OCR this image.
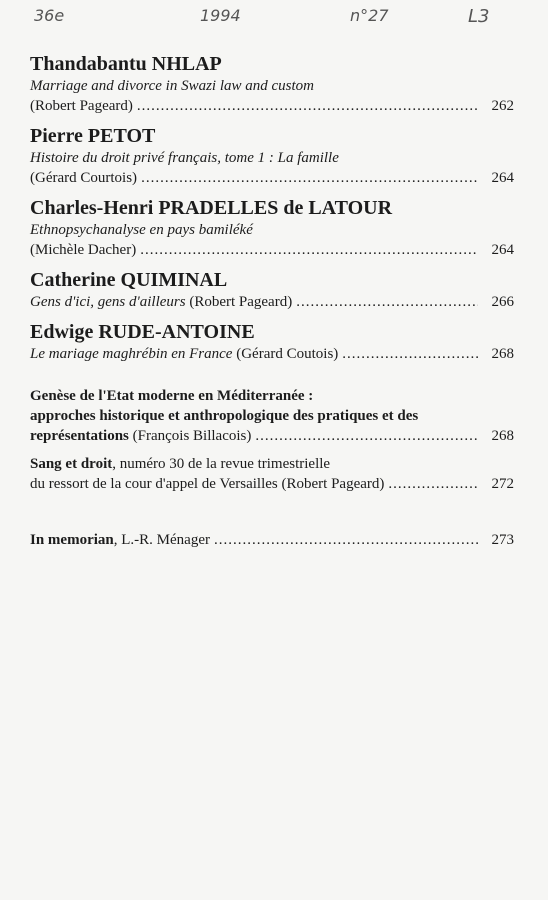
36e	1994	n°27	L3
Thandabantu NHLAP
Marriage and divorce in Swazi law and custom
(Robert Pageard) .....	262
Pierre PETOT
Histoire du droit privé français, tome 1 : La famille
(Gérard Courtois) .....	264
Charles-Henri PRADELLES de LATOUR
Ethnopsychanalyse en pays bamiléké
(Michèle Dacher) .....	264
Catherine QUIMINAL
Gens d'ici, gens d'ailleurs (Robert Pageard) .....	266
Edwige RUDE-ANTOINE
Le mariage maghrébin en France (Gérard Coutois) .....	268
Genèse de l'Etat moderne en Méditerranée :
approches historique et anthropologique des pratiques et des
représentations (François Billacois) .....	268
Sang et droit, numéro 30 de la revue trimestrielle
du ressort de la cour d'appel de Versailles (Robert Pageard) .....	272
In memorian, L.-R. Ménager .....	273
